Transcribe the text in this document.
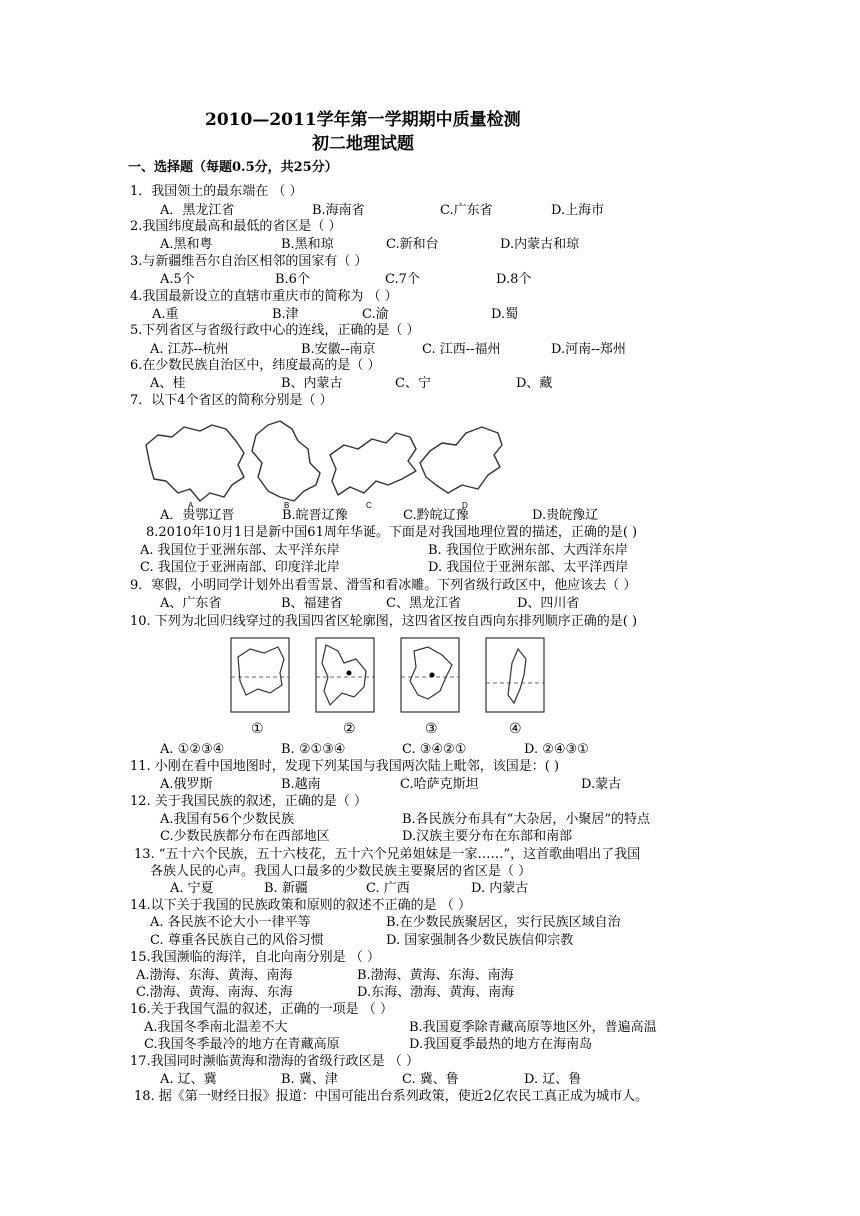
2010—2011学年第一学期期中质量检测
初二地理试题
一、选择题（每题0.5分，共25分）
1．我国领土的最东端在 （ ）
A．黑龙江省	B.海南省	C.广东省	D.上海市
2.我国纬度最高和最低的省区是（ ）
A.黑和粤	B.黑和琼	C.新和台	D.内蒙古和琼
3.与新疆维吾尔自治区相邻的国家有（ ）
A.5个	B.6个	C.7个	D.8个
4.我国最新设立的直辖市重庆市的简称为 （ ）
A.重	B.津	C.渝	D.蜀
5.下列省区与省级行政中心的连线，正确的是（ ）
A. 江苏--杭州	B.安徽--南京	C. 江西--福州	D.河南--郑州
6.在少数民族自治区中，纬度最高的是（ ）
A、桂	B、内蒙古	C、宁	D、藏
7．以下4个省区的简称分别是（ ）
A	B	C	D
A．贵鄂辽晋	B.皖晋辽豫	C.黔皖辽豫	D.贵皖豫辽
8.2010年10月1日是新中国61周年华诞。下面是对我国地理位置的描述，正确的是( )
A. 我国位于亚洲东部、太平洋东岸	B. 我国位于欧洲东部、大西洋东岸
C. 我国位于亚洲南部、印度洋北岸	D. 我国位于亚洲东部、太平洋西岸
9．寒假，小明同学计划外出看雪景、滑雪和看冰雕。下列省级行政区中，他应该去（ ）
A、广东省	B、福建省	C、黑龙江省	D、四川省
10. 下列为北回归线穿过的我国四省区轮廓图，这四省区按自西向东排列顺序正确的是( )
①	②	③	④
A. ①②③④	B. ②①③④	C. ③④②①	D. ②④③①
11. 小刚在看中国地图时，发现下列某国与我国两次陆上毗邻，该国是：( )
A.俄罗斯	B.越南	C.哈萨克斯坦	D.蒙古
12. 关于我国民族的叙述，正确的是（ ）
A.我国有56个少数民族	B.各民族分布具有“大杂居，小聚居”的特点
C.少数民族都分布在西部地区	D.汉族主要分布在东部和南部
13. “五十六个民族，五十六枝花，五十六个兄弟姐妹是一家……”，这首歌曲唱出了我国
各族人民的心声。我国人口最多的少数民族主要聚居的省区是（ ）
A. 宁夏	B. 新疆	C. 广西	D. 内蒙古
14.以下关于我国的民族政策和原则的叙述不正确的是 （ ）
A. 各民族不论大小一律平等	B.在少数民族聚居区，实行民族区域自治
C. 尊重各民族自己的风俗习惯	D. 国家强制各少数民族信仰宗教
15.我国濒临的海洋，自北向南分别是 （ ）
A.渤海、东海、黄海、南海	B.渤海、黄海、东海、南海
C.渤海、黄海、南海、东海	D.东海、渤海、黄海、南海
16.关于我国气温的叙述，正确的一项是 （ ）
A.我国冬季南北温差不大	B.我国夏季除青藏高原等地区外，普遍高温
C.我国冬季最冷的地方在青藏高原	D.我国夏季最热的地方在海南岛
17.我国同时濒临黄海和渤海的省级行政区是 （ ）
A. 辽、冀	B. 冀、津	C. 冀、鲁	D. 辽、鲁
18. 据《第一财经日报》报道：中国可能出台系列政策，使近2亿农民工真正成为城市人。
